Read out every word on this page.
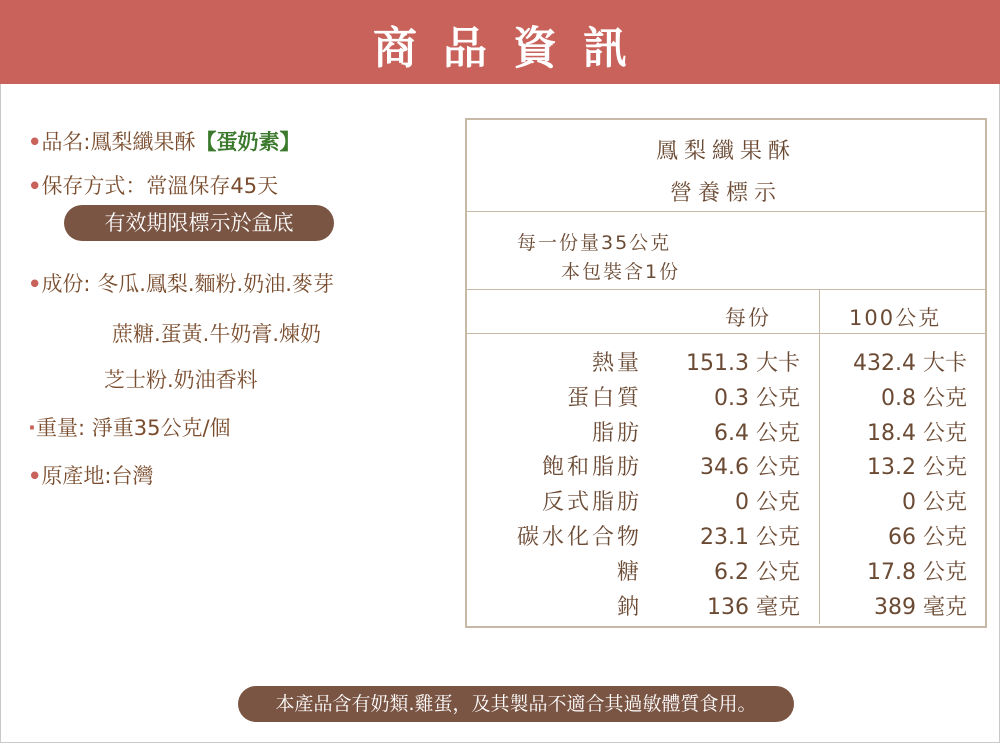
商品資訊
•品名:鳳梨纖果酥【蛋奶素】
•保存方式：常溫保存45天
有效期限標示於盒底
•成份: 冬瓜.鳳梨.麵粉.奶油.麥芽
蔗糖.蛋黃.牛奶膏.煉奶
芝士粉.奶油香料
·重量: 淨重35公克/個
•原產地:台灣
鳳梨纖果酥
營養標示
每一份量35公克
本包裝含1份
每份	100公克
熱量 151.3 大卡 432.4 大卡
蛋白質	0.3 公克	0.8 公克
脂肪	6.4 公克	18.4 公克
飽和脂肪	34.6 公克	13.2 公克
反式脂肪	0 公克	0 公克
碳水化合物	23.1 公克	66 公克
糖	6.2 公克	17.8 公克
鈉	136 毫克	389 毫克
本產品含有奶類.雞蛋，及其製品不適合其過敏體質食用。
